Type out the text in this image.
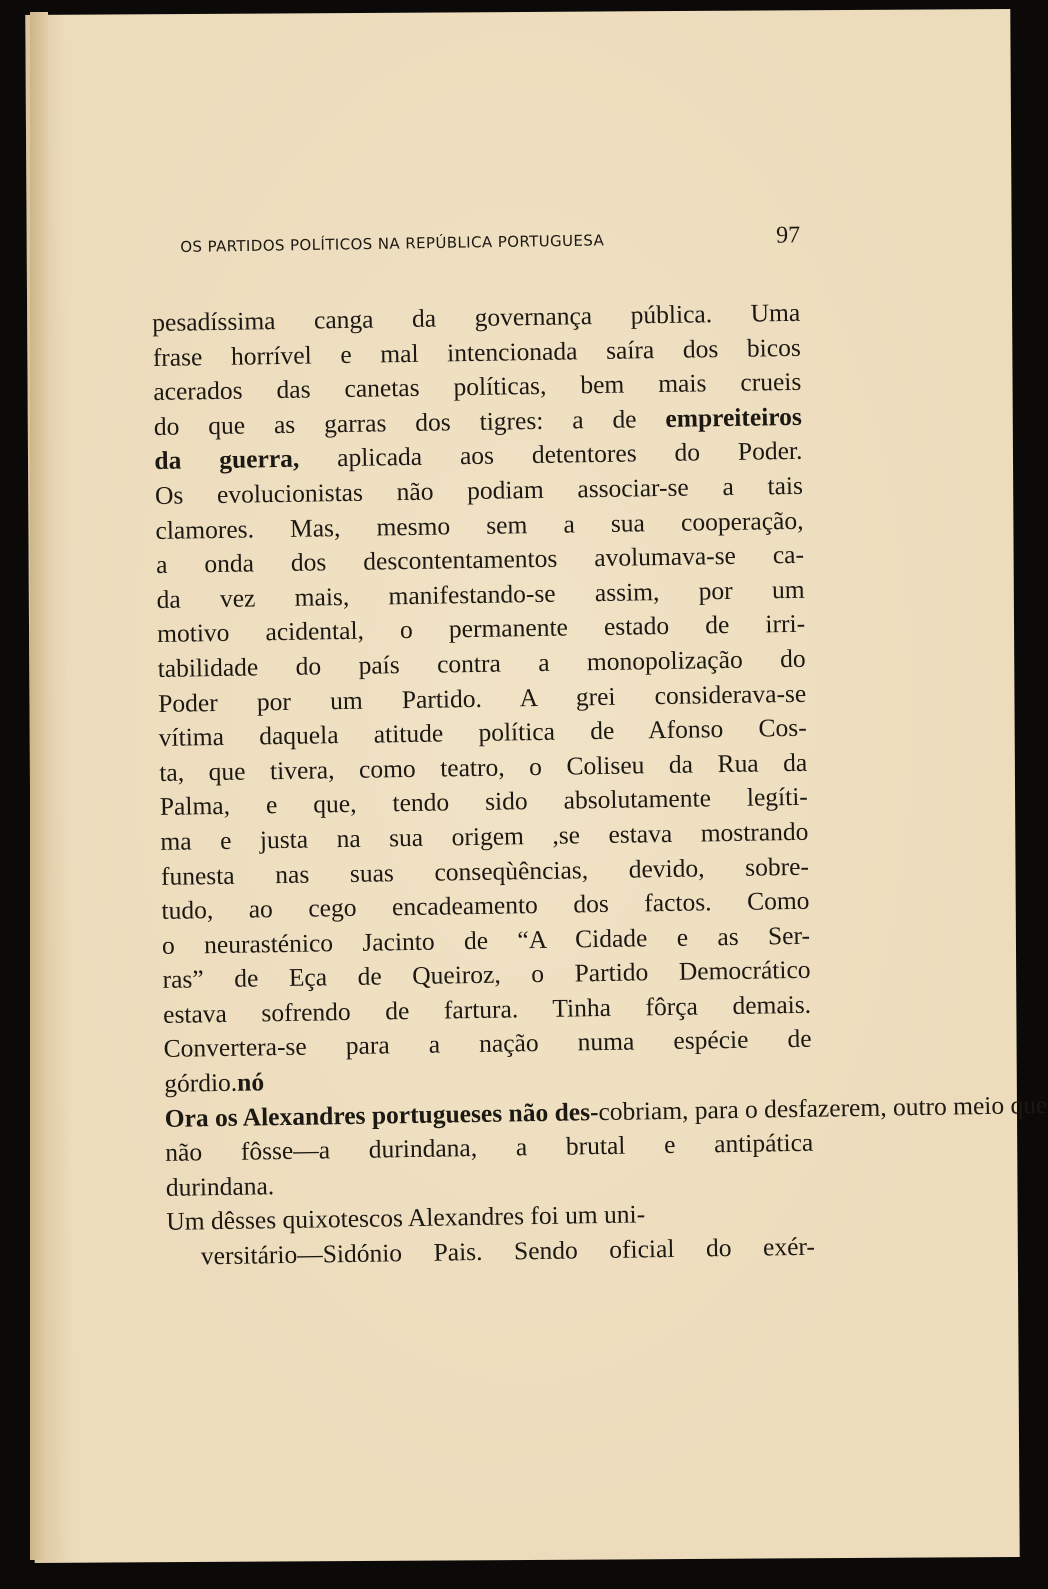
OS PARTIDOS POLÍTICOS NA REPÚBLICA PORTUGUESA	97
pesadíssima canga da governança pública. Uma
frase horrível e mal intencionada saíra dos bicos
acerados das canetas políticas, bem mais crueis
do que as garras dos tigres: a de empreiteiros
da guerra, aplicada aos detentores do Poder.
Os evolucionistas não podiam associar-se a tais
clamores. Mas, mesmo sem a sua cooperação,
a onda dos descontentamentos avolumava-se ca-
da vez mais, manifestando-se assim, por um
motivo acidental, o permanente estado de irri-
tabilidade do país contra a monopolização do
Poder por um Partido. A grei considerava-se
vítima daquela atitude política de Afonso Cos-
ta, que tivera, como teatro, o Coliseu da Rua da
Palma, e que, tendo sido absolutamente legíti-
ma e justa na sua origem ,se estava mostrando
funesta nas suas conseqùências, devido, sobre-
tudo, ao cego encadeamento dos factos. Como
o neurasténico Jacinto de “A Cidade e as Ser-
ras” de Eça de Queiroz, o Partido Democrático
estava sofrendo de fartura. Tinha fôrça demais.
Convertera-se para a nação numa espécie de
górdio.nó
Ora os Alexandres portugueses não des-cobriam, para o desfazerem, outro meio que
não fôsse—a durindana, a brutal e antipática
durindana.
Um dêsses quixotescos Alexandres foi um uni-
versitário—Sidónio Pais. Sendo oficial do exér-
